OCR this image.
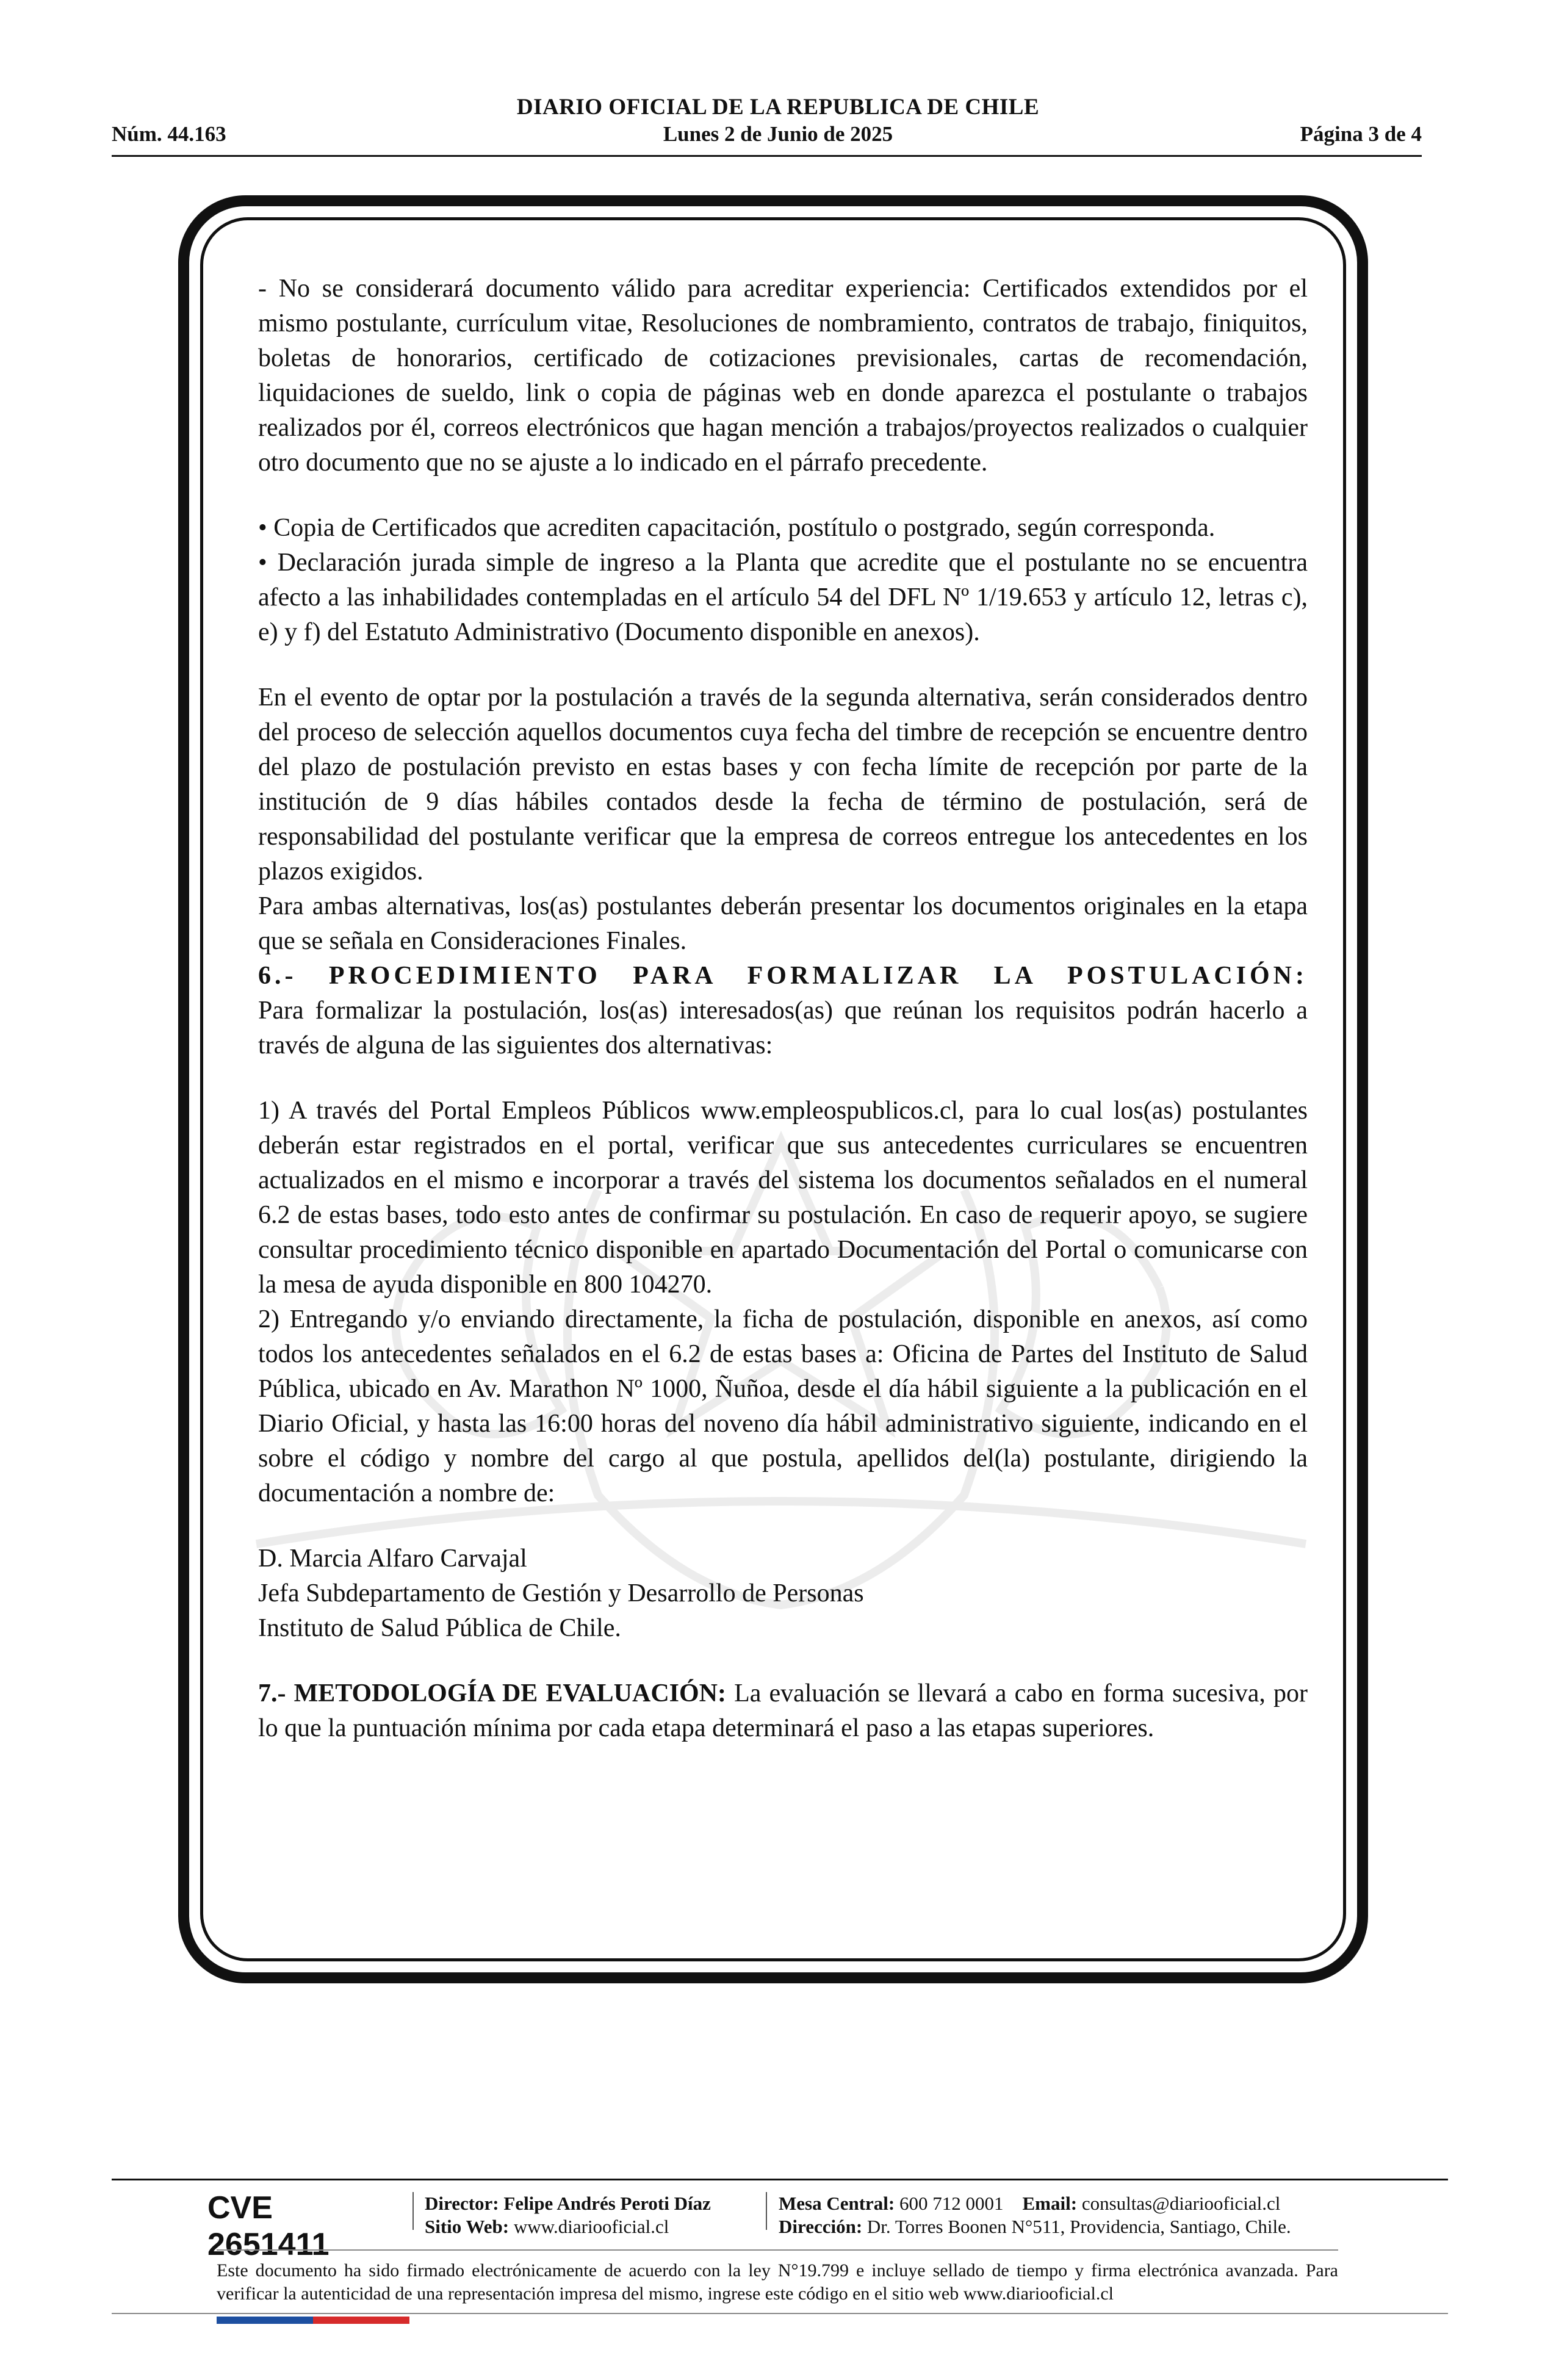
DIARIO OFICIAL DE LA REPUBLICA DE CHILE
Núm. 44.163	Lunes 2 de Junio de 2025	Página 3 de 4

- No se considerará documento válido para acreditar experiencia: Certificados extendidos por el mismo postulante, currículum vitae, Resoluciones de nombramiento, contratos de trabajo, finiquitos, boletas de honorarios, certificado de cotizaciones previsionales, cartas de recomendación, liquidaciones de sueldo, link o copia de páginas web en donde aparezca el postulante o trabajos realizados por él, correos electrónicos que hagan mención a trabajos/proyectos realizados o cualquier otro documento que no se ajuste a lo indicado en el párrafo precedente.

• Copia de Certificados que acrediten capacitación, postítulo o postgrado, según corresponda.

• Declaración jurada simple de ingreso a la Planta que acredite que el postulante no se encuentra afecto a las inhabilidades contempladas en el artículo 54 del DFL Nº 1/19.653 y artículo 12, letras c), e) y f) del Estatuto Administrativo (Documento disponible en anexos).

En el evento de optar por la postulación a través de la segunda alternativa, serán considerados dentro del proceso de selección aquellos documentos cuya fecha del timbre de recepción se encuentre dentro del plazo de postulación previsto en estas bases y con fecha límite de recepción por parte de la institución de 9 días hábiles contados desde la fecha de término de postulación, será de responsabilidad del postulante verificar que la empresa de correos entregue los antecedentes en los plazos exigidos.

Para ambas alternativas, los(as) postulantes deberán presentar los documentos originales en la etapa que se señala en Consideraciones Finales.

6.- PROCEDIMIENTO PARA FORMALIZAR LA POSTULACIÓN:

Para formalizar la postulación, los(as) interesados(as) que reúnan los requisitos podrán hacerlo a través de alguna de las siguientes dos alternativas:

1) A través del Portal Empleos Públicos www.empleospublicos.cl, para lo cual los(as) postulantes deberán estar registrados en el portal, verificar que sus antecedentes curriculares se encuentren actualizados en el mismo e incorporar a través del sistema los documentos señalados en el numeral 6.2 de estas bases, todo esto antes de confirmar su postulación. En caso de requerir apoyo, se sugiere consultar procedimiento técnico disponible en apartado Documentación del Portal o comunicarse con la mesa de ayuda disponible en 800 104270.

2) Entregando y/o enviando directamente, la ficha de postulación, disponible en anexos, así como todos los antecedentes señalados en el 6.2 de estas bases a: Oficina de Partes del Instituto de Salud Pública, ubicado en Av. Marathon Nº 1000, Ñuñoa, desde el día hábil siguiente a la publicación en el Diario Oficial, y hasta las 16:00 horas del noveno día hábil administrativo siguiente, indicando en el sobre el código y nombre del cargo al que postula, apellidos del(la) postulante, dirigiendo la documentación a nombre de:

D. Marcia Alfaro Carvajal

Jefa Subdepartamento de Gestión y Desarrollo de Personas

Instituto de Salud Pública de Chile.

7.- METODOLOGÍA DE EVALUACIÓN: La evaluación se llevará a cabo en forma sucesiva, por lo que la puntuación mínima por cada etapa determinará el paso a las etapas superiores.

CVE 2651411
Director: Felipe Andrés Peroti Díaz
Sitio Web: www.diariooficial.cl
Mesa Central: 600 712 0001 Email: consultas@diariooficial.cl
Dirección: Dr. Torres Boonen N°511, Providencia, Santiago, Chile.
Este documento ha sido firmado electrónicamente de acuerdo con la ley N°19.799 e incluye sellado de tiempo y firma electrónica avanzada. Para verificar la autenticidad de una representación impresa del mismo, ingrese este código en el sitio web www.diariooficial.cl
